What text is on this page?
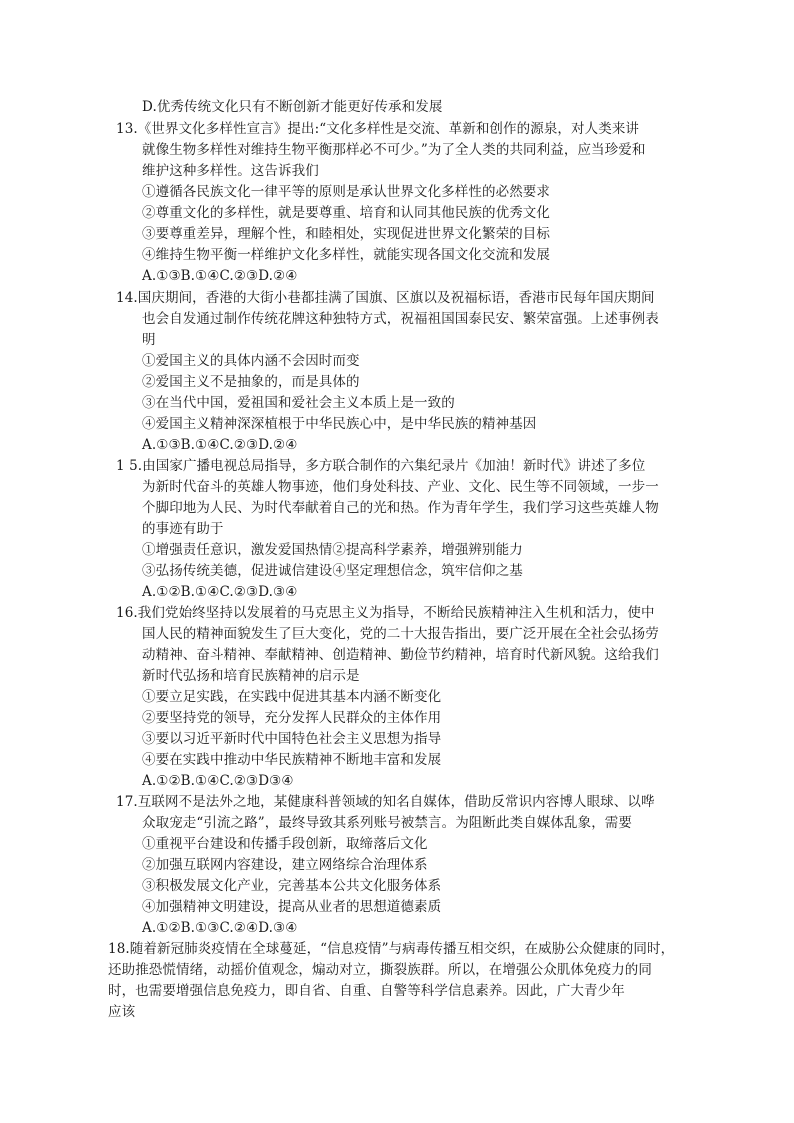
D.优秀传统文化只有不断创新才能更好传承和发展
13.《世界文化多样性宣言》提出:“文化多样性是交流、革新和创作的源泉，对人类来讲
就像生物多样性对维持生物平衡那样必不可少。”为了全人类的共同利益，应当珍爱和
维护这种多样性。这告诉我们
①遵循各民族文化一律平等的原则是承认世界文化多样性的必然要求
②尊重文化的多样性，就是要尊重、培育和认同其他民族的优秀文化
③要尊重差异，理解个性，和睦相处，实现促进世界文化繁荣的目标
④维持生物平衡一样维护文化多样性，就能实现各国文化交流和发展
A.①③B.①④C.②③D.②④
14.国庆期间，香港的大街小巷都挂满了国旗、区旗以及祝福标语，香港市民每年国庆期间
也会自发通过制作传统花牌这种独特方式，祝福祖国国泰民安、繁荣富强。上述事例表
明
①爱国主义的具体内涵不会因时而变
②爱国主义不是抽象的，而是具体的
③在当代中国，爱祖国和爱社会主义本质上是一致的
④爱国主义精神深深植根于中华民族心中，是中华民族的精神基因
A.①③B.①④C.②③D.②④
1 5.由国家广播电视总局指导，多方联合制作的六集纪录片《加油！新时代》讲述了多位
为新时代奋斗的英雄人物事迹，他们身处科技、产业、文化、民生等不同领域，一步一
个脚印地为人民、为时代奉献着自己的光和热。作为青年学生，我们学习这些英雄人物
的事迹有助于
①增强责任意识，激发爱国热情②提高科学素养，增强辨别能力
③弘扬传统美德，促进诚信建设④坚定理想信念，筑牢信仰之基
A.①②B.①④C.②③D.③④
16.我们党始终坚持以发展着的马克思主义为指导，不断给民族精神注入生机和活力，使中
国人民的精神面貌发生了巨大变化，党的二十大报告指出，要广泛开展在全社会弘扬劳
动精神、奋斗精神、奉献精神、创造精神、勤俭节约精神，培育时代新风貌。这给我们
新时代弘扬和培育民族精神的启示是
①要立足实践，在实践中促进其基本内涵不断变化
②要坚持党的领导，充分发挥人民群众的主体作用
③要以习近平新时代中国特色社会主义思想为指导
④要在实践中推动中华民族精神不断地丰富和发展
A.①②B.①④C.②③D③④
17.互联网不是法外之地，某健康科普领域的知名自媒体，借助反常识内容博人眼球、以哗
众取宠走“引流之路”，最终导致其系列账号被禁言。为阻断此类自媒体乱象，需要
①重视平台建设和传播手段创新，取缔落后文化
②加强互联网内容建设，建立网络综合治理体系
③积极发展文化产业，完善基本公共文化服务体系
④加强精神文明建设，提高从业者的思想道德素质
A.①②B.①③C.②④D.③④
18.随着新冠肺炎疫情在全球蔓延，“信息疫情”与病毒传播互相交织，在威胁公众健康的同时，
还助推恐慌情绪，动摇价值观念，煽动对立，撕裂族群。所以，在增强公众肌体免疫力的同
时，也需要增强信息免疫力，即自省、自重、自警等科学信息素养。因此，广大青少年
应该
